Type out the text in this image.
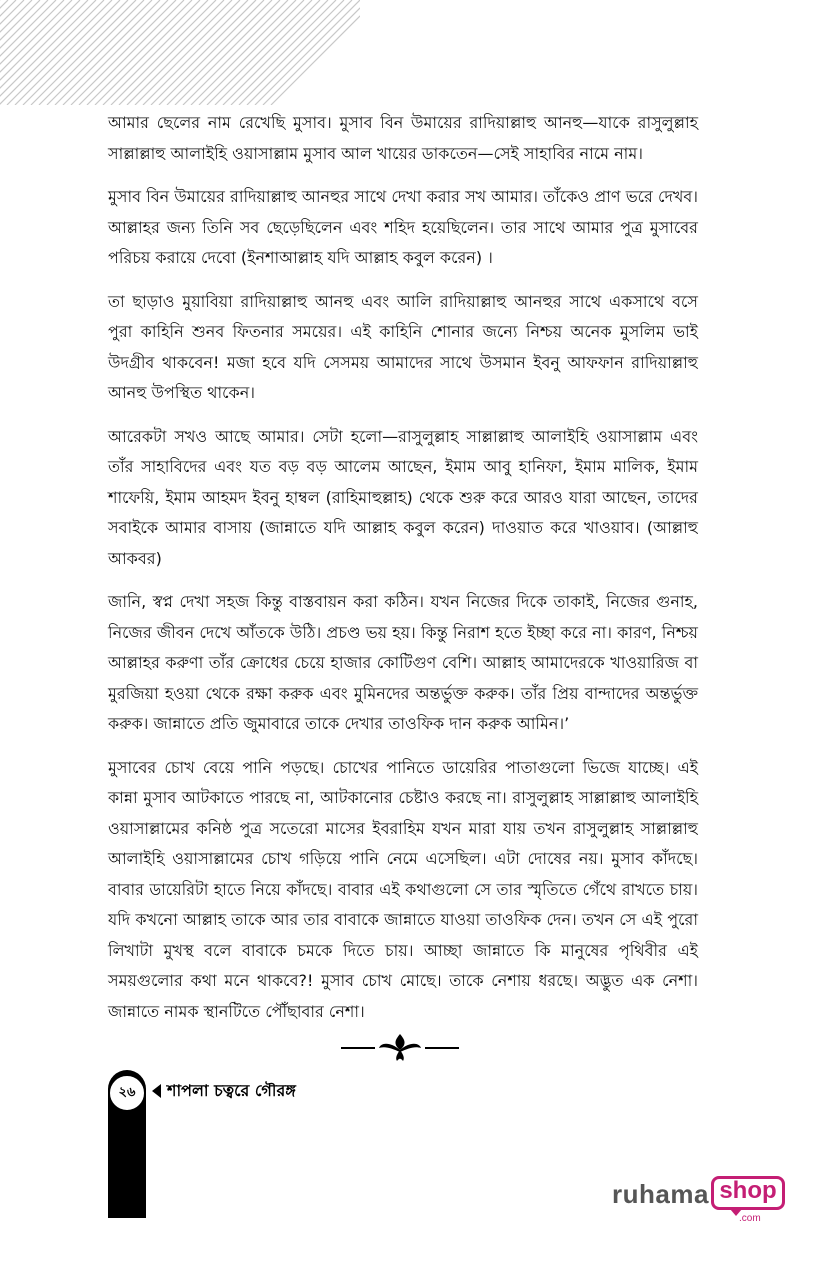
আমার ছেলের নাম রেখেছি মুসাব। মুসাব বিন উমায়ের রাদিয়াল্লাহু আনহু—যাকে রাসুলুল্লাহ সাল্লাল্লাহু আলাইহি ওয়াসাল্লাম মুসাব আল খায়ের ডাকতেন—সেই সাহাবির নামে নাম।

মুসাব বিন উমায়ের রাদিয়াল্লাহু আনহুর সাথে দেখা করার সখ আমার। তাঁকেও প্রাণ ভরে দেখব। আল্লাহর জন্য তিনি সব ছেড়েছিলেন এবং শহিদ হয়েছিলেন। তার সাথে আমার পুত্র মুসাবের পরিচয় করায়ে দেবো (ইনশাআল্লাহ যদি আল্লাহ কবুল করেন) ।

তা ছাড়াও মুয়াবিয়া রাদিয়াল্লাহু আনহু এবং আলি রাদিয়াল্লাহু আনহুর সাথে একসাথে বসে পুরা কাহিনি শুনব ফিতনার সময়ের। এই কাহিনি শোনার জন্যে নিশ্চয় অনেক মুসলিম ভাই উদগ্রীব থাকবেন! মজা হবে যদি সেসময় আমাদের সাথে উসমান ইবনু আফফান রাদিয়াল্লাহু আনহু উপস্থিত থাকেন।

আরেকটা সখও আছে আমার। সেটা হলো—রাসুলুল্লাহ সাল্লাল্লাহু আলাইহি ওয়াসাল্লাম এবং তাঁর সাহাবিদের এবং যত বড় বড় আলেম আছেন, ইমাম আবু হানিফা, ইমাম মালিক, ইমাম শাফেয়ি, ইমাম আহমদ ইবনু হাম্বল (রাহিমাহুল্লাহ) থেকে শুরু করে আরও যারা আছেন, তাদের সবাইকে আমার বাসায় (জান্নাতে যদি আল্লাহ কবুল করেন) দাওয়াত করে খাওয়াব। (আল্লাহু আকবর)

জানি, স্বপ্ন দেখা সহজ কিন্তু বাস্তবায়ন করা কঠিন। যখন নিজের দিকে তাকাই, নিজের গুনাহ, নিজের জীবন দেখে আঁতকে উঠি। প্রচণ্ড ভয় হয়। কিন্তু নিরাশ হতে ইচ্ছা করে না। কারণ, নিশ্চয় আল্লাহর করুণা তাঁর ক্রোধের চেয়ে হাজার কোটিগুণ বেশি। আল্লাহ আমাদেরকে খাওয়ারিজ বা মুরজিয়া হওয়া থেকে রক্ষা করুক এবং মুমিনদের অন্তর্ভুক্ত করুক। তাঁর প্রিয় বান্দাদের অন্তর্ভুক্ত করুক। জান্নাতে প্রতি জুমাবারে তাকে দেখার তাওফিক দান করুক আমিন।’

মুসাবের চোখ বেয়ে পানি পড়ছে। চোখের পানিতে ডায়েরির পাতাগুলো ভিজে যাচ্ছে। এই কান্না মুসাব আটকাতে পারছে না, আটকানোর চেষ্টাও করছে না। রাসুলুল্লাহ সাল্লাল্লাহু আলাইহি ওয়াসাল্লামের কনিষ্ঠ পুত্র সতেরো মাসের ইবরাহিম যখন মারা যায় তখন রাসুলুল্লাহ সাল্লাল্লাহু আলাইহি ওয়াসাল্লামের চোখ গড়িয়ে পানি নেমে এসেছিল। এটা দোষের নয়। মুসাব কাঁদছে। বাবার ডায়েরিটা হাতে নিয়ে কাঁদছে। বাবার এই কথাগুলো সে তার স্মৃতিতে গেঁথে রাখতে চায়। যদি কখনো আল্লাহ তাকে আর তার বাবাকে জান্নাতে যাওয়া তাওফিক দেন। তখন সে এই পুরো লিখাটা মুখস্থ বলে বাবাকে চমকে দিতে চায়। আচ্ছা জান্নাতে কি মানুষের পৃথিবীর এই সময়গুলোর কথা মনে থাকবে?! মুসাব চোখ মোছে। তাকে নেশায় ধরছে। অদ্ভুত এক নেশা। জান্নাতে নামক স্থানটিতে পৌঁছাবার নেশা।

২৬	শাপলা চত্বরে গৌরঙ্গ
ruhama shop
.com
